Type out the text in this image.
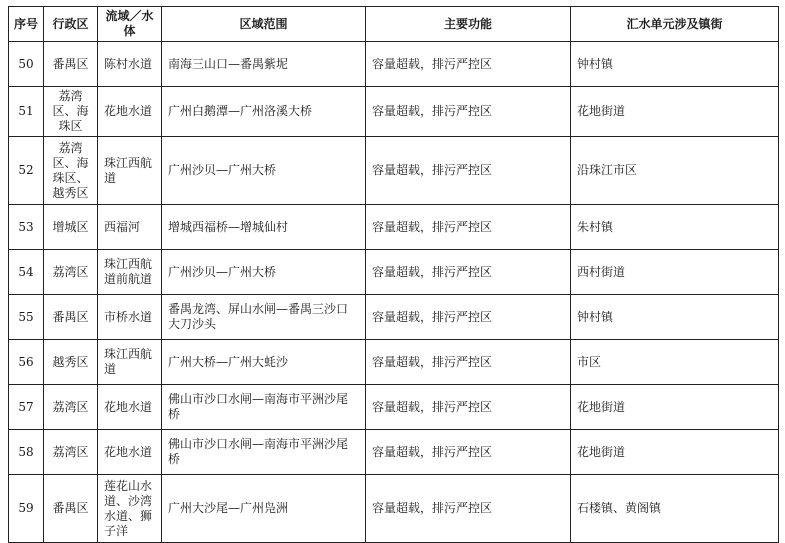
序号	行政区	流域／水体	区域范围	主要功能	汇水单元涉及镇街
50	番禺区	陈村水道	南海三山口—番禺紫坭	容量超载，排污严控区	钟村镇
51	荔湾区、海珠区	花地水道	广州白鹅潭—广州洛溪大桥	容量超载，排污严控区	花地街道
52	荔湾区、海珠区、越秀区	珠江西航道	广州沙贝—广州大桥	容量超载，排污严控区	沿珠江市区
53	增城区	西福河	增城西福桥—增城仙村	容量超载，排污严控区	朱村镇
54	荔湾区	珠江西航道前航道	广州沙贝—广州大桥	容量超载，排污严控区	西村街道
55	番禺区	市桥水道	番禺龙湾、屏山水闸—番禺三沙口大刀沙头	容量超载，排污严控区	钟村镇
56	越秀区	珠江西航道	广州大桥—广州大蚝沙	容量超载，排污严控区	市区
57	荔湾区	花地水道	佛山市沙口水闸—南海市平洲沙尾桥	容量超载，排污严控区	花地街道
58	荔湾区	花地水道	佛山市沙口水闸—南海市平洲沙尾桥	容量超载，排污严控区	花地街道
59	番禺区	莲花山水道、沙湾水道、狮子洋	广州大沙尾—广州凫洲	容量超载，排污严控区	石楼镇、黄阁镇
